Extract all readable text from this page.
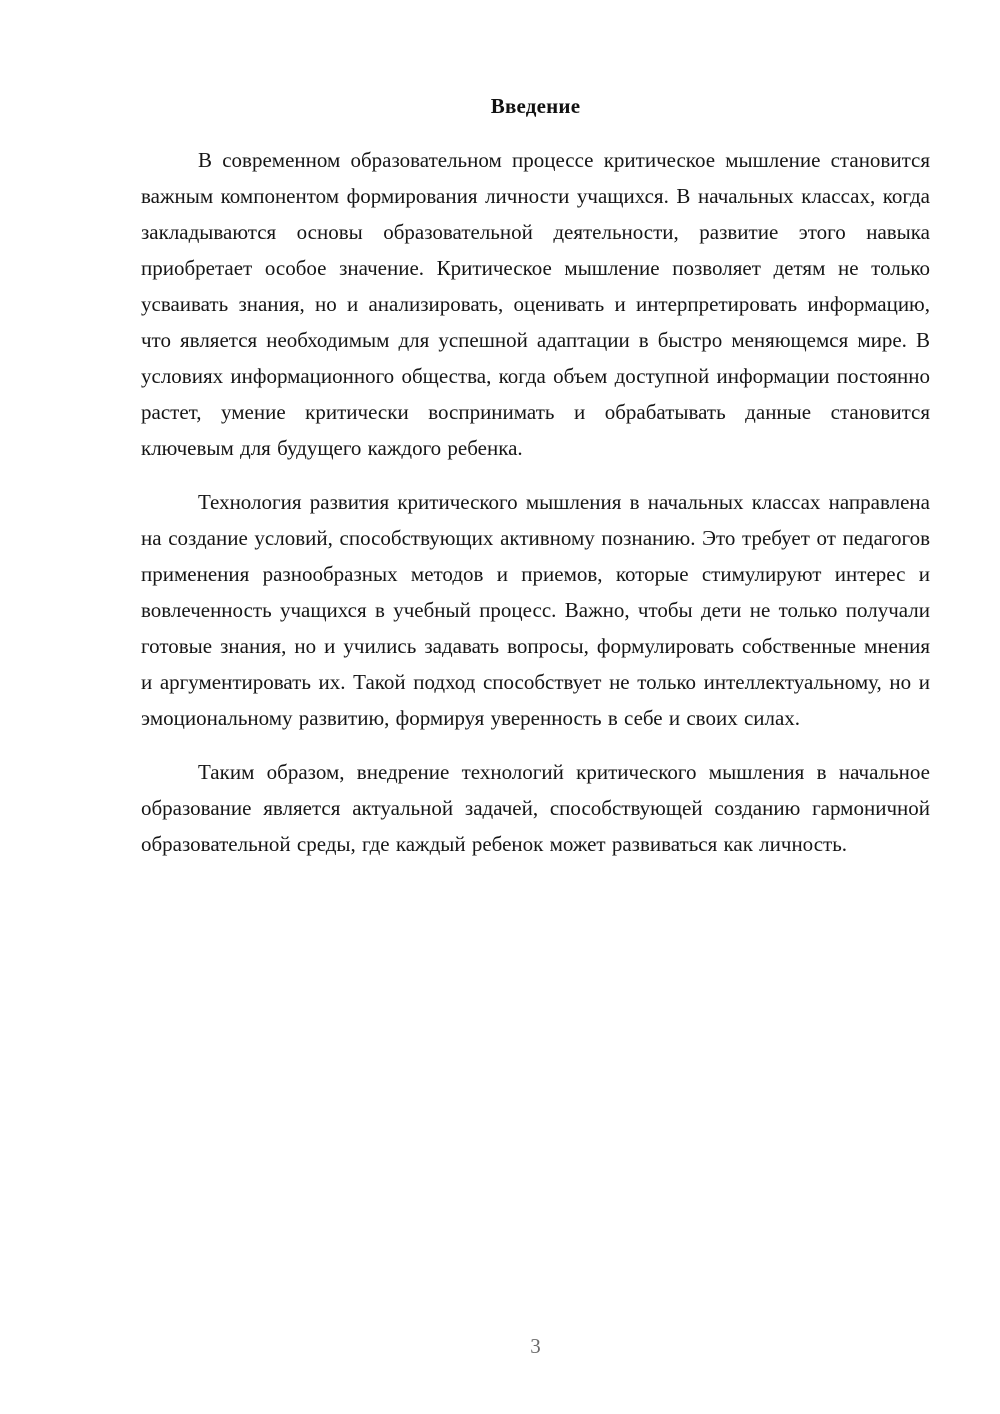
Введение

В современном образовательном процессе критическое мышление становится важным компонентом формирования личности учащихся. В начальных классах, когда закладываются основы образовательной деятельности, развитие этого навыка приобретает особое значение. Критическое мышление позволяет детям не только усваивать знания, но и анализировать, оценивать и интерпретировать информацию, что является необходимым для успешной адаптации в быстро меняющемся мире. В условиях информационного общества, когда объем доступной информации постоянно растет, умение критически воспринимать и обрабатывать данные становится ключевым для будущего каждого ребенка.

Технология развития критического мышления в начальных классах направлена на создание условий, способствующих активному познанию. Это требует от педагогов применения разнообразных методов и приемов, которые стимулируют интерес и вовлеченность учащихся в учебный процесс. Важно, чтобы дети не только получали готовые знания, но и учились задавать вопросы, формулировать собственные мнения и аргументировать их. Такой подход способствует не только интеллектуальному, но и эмоциональному развитию, формируя уверенность в себе и своих силах.

Таким образом, внедрение технологий критического мышления в начальное образование является актуальной задачей, способствующей созданию гармоничной образовательной среды, где каждый ребенок может развиваться как личность.

3
